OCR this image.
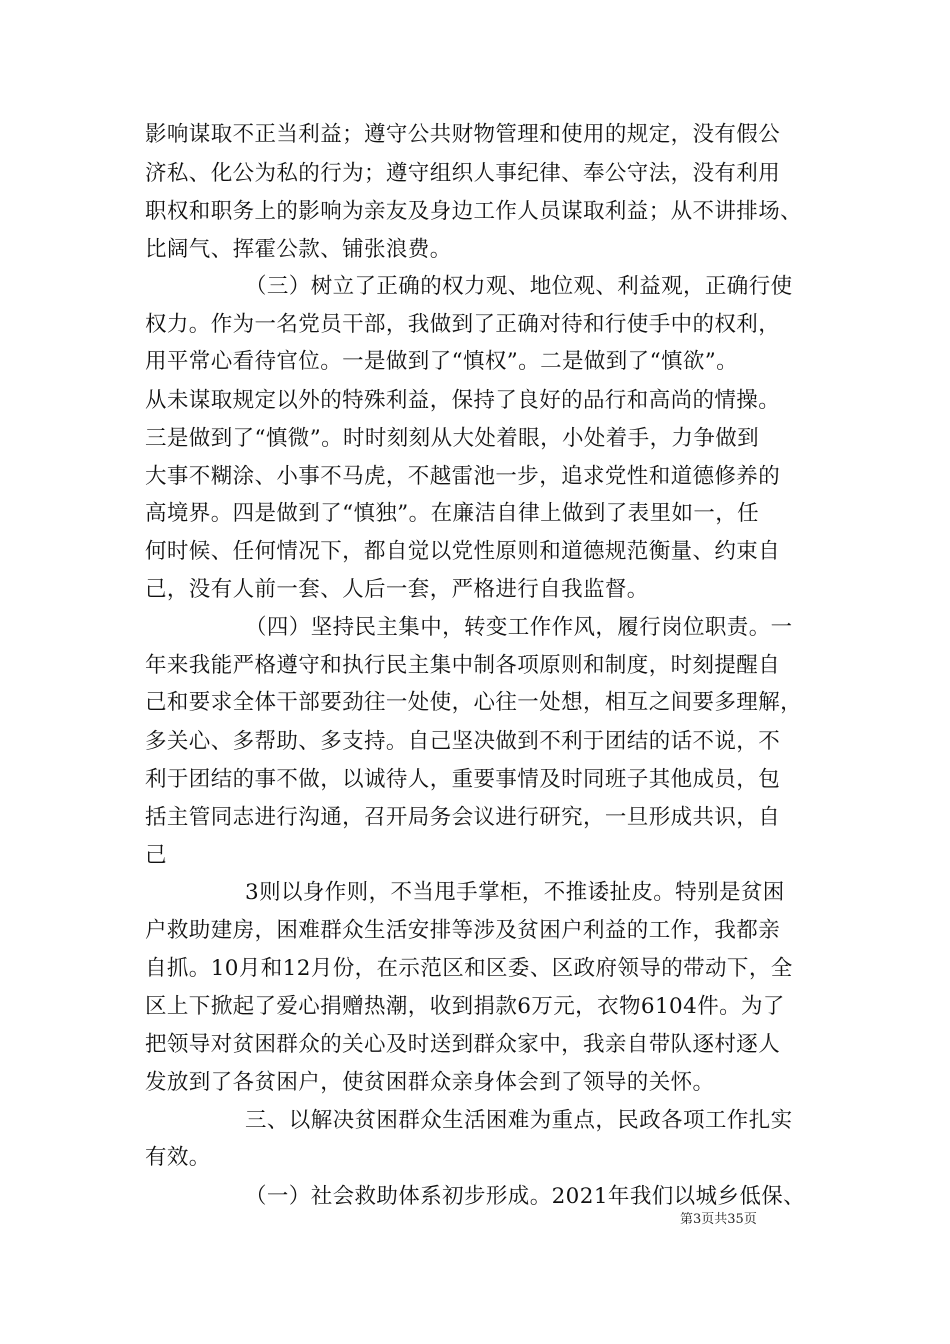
影响谋取不正当利益；遵守公共财物管理和使用的规定，没有假公
济私、化公为私的行为；遵守组织人事纪律、奉公守法，没有利用
职权和职务上的影响为亲友及身边工作人员谋取利益；从不讲排场、
比阔气、挥霍公款、铺张浪费。
（三）树立了正确的权力观、地位观、利益观，正确行使
权力。作为一名党员干部，我做到了正确对待和行使手中的权利，
用平常心看待官位。一是做到了“慎权”。二是做到了“慎欲”。
从未谋取规定以外的特殊利益，保持了良好的品行和高尚的情操。
三是做到了“慎微”。时时刻刻从大处着眼，小处着手，力争做到
大事不糊涂、小事不马虎，不越雷池一步，追求党性和道德修养的
高境界。四是做到了“慎独”。在廉洁自律上做到了表里如一，任
何时候、任何情况下，都自觉以党性原则和道德规范衡量、约束自
己，没有人前一套、人后一套，严格进行自我监督。
（四）坚持民主集中，转变工作作风，履行岗位职责。一
年来我能严格遵守和执行民主集中制各项原则和制度，时刻提醒自
己和要求全体干部要劲往一处使，心往一处想，相互之间要多理解，
多关心、多帮助、多支持。自己坚决做到不利于团结的话不说，不
利于团结的事不做，以诚待人，重要事情及时同班子其他成员，包
括主管同志进行沟通，召开局务会议进行研究，一旦形成共识，自
己
3则以身作则，不当甩手掌柜，不推诿扯皮。特别是贫困
户救助建房，困难群众生活安排等涉及贫困户利益的工作，我都亲
自抓。10月和12月份，在示范区和区委、区政府领导的带动下，全
区上下掀起了爱心捐赠热潮，收到捐款6万元，衣物6104件。为了
把领导对贫困群众的关心及时送到群众家中，我亲自带队逐村逐人
发放到了各贫困户，使贫困群众亲身体会到了领导的关怀。
三、以解决贫困群众生活困难为重点，民政各项工作扎实
有效。
（一）社会救助体系初步形成。2021年我们以城乡低保、
第3页共35页
